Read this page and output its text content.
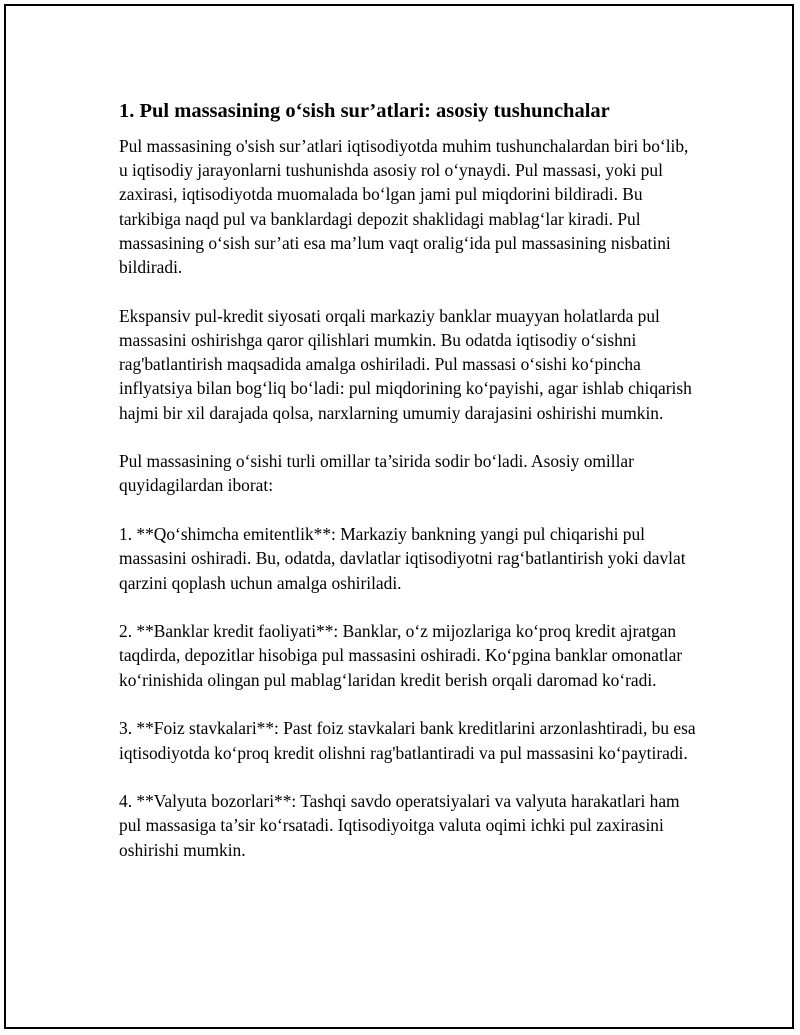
1. Pul massasining o‘sish sur’atlari: asosiy tushunchalar

Pul massasining o'sish sur’atlari iqtisodiyotda muhim tushunchalardan biri bo‘lib, u iqtisodiy jarayonlarni tushunishda asosiy rol o‘ynaydi. Pul massasi, yoki pul zaxirasi, iqtisodiyotda muomalada bo‘lgan jami pul miqdorini bildiradi. Bu tarkibiga naqd pul va banklardagi depozit shaklidagi mablag‘lar kiradi. Pul massasining o‘sish sur’ati esa ma’lum vaqt oralig‘ida pul massasining nisbatini bildiradi.

Ekspansiv pul-kredit siyosati orqali markaziy banklar muayyan holatlarda pul massasini oshirishga qaror qilishlari mumkin. Bu odatda iqtisodiy o‘sishni rag'batlantirish maqsadida amalga oshiriladi. Pul massasi o‘sishi ko‘pincha inflyatsiya bilan bog‘liq bo‘ladi: pul miqdorining ko‘payishi, agar ishlab chiqarish hajmi bir xil darajada qolsa, narxlarning umumiy darajasini oshirishi mumkin.

Pul massasining o‘sishi turli omillar ta’sirida sodir bo‘ladi. Asosiy omillar quyidagilardan iborat:

1. **Qo‘shimcha emitentlik**: Markaziy bankning yangi pul chiqarishi pul massasini oshiradi. Bu, odatda, davlatlar iqtisodiyotni rag‘batlantirish yoki davlat qarzini qoplash uchun amalga oshiriladi.

2. **Banklar kredit faoliyati**: Banklar, o‘z mijozlariga ko‘proq kredit ajratgan taqdirda, depozitlar hisobiga pul massasini oshiradi. Ko‘pgina banklar omonatlar ko‘rinishida olingan pul mablag‘laridan kredit berish orqali daromad ko‘radi.

3. **Foiz stavkalari**: Past foiz stavkalari bank kreditlarini arzonlashtiradi, bu esa iqtisodiyotda ko‘proq kredit olishni rag'batlantiradi va pul massasini ko‘paytiradi.

4. **Valyuta bozorlari**: Tashqi savdo operatsiyalari va valyuta harakatlari ham pul massasiga ta’sir ko‘rsatadi. Iqtisodiyoitga valuta oqimi ichki pul zaxirasini oshirishi mumkin.
